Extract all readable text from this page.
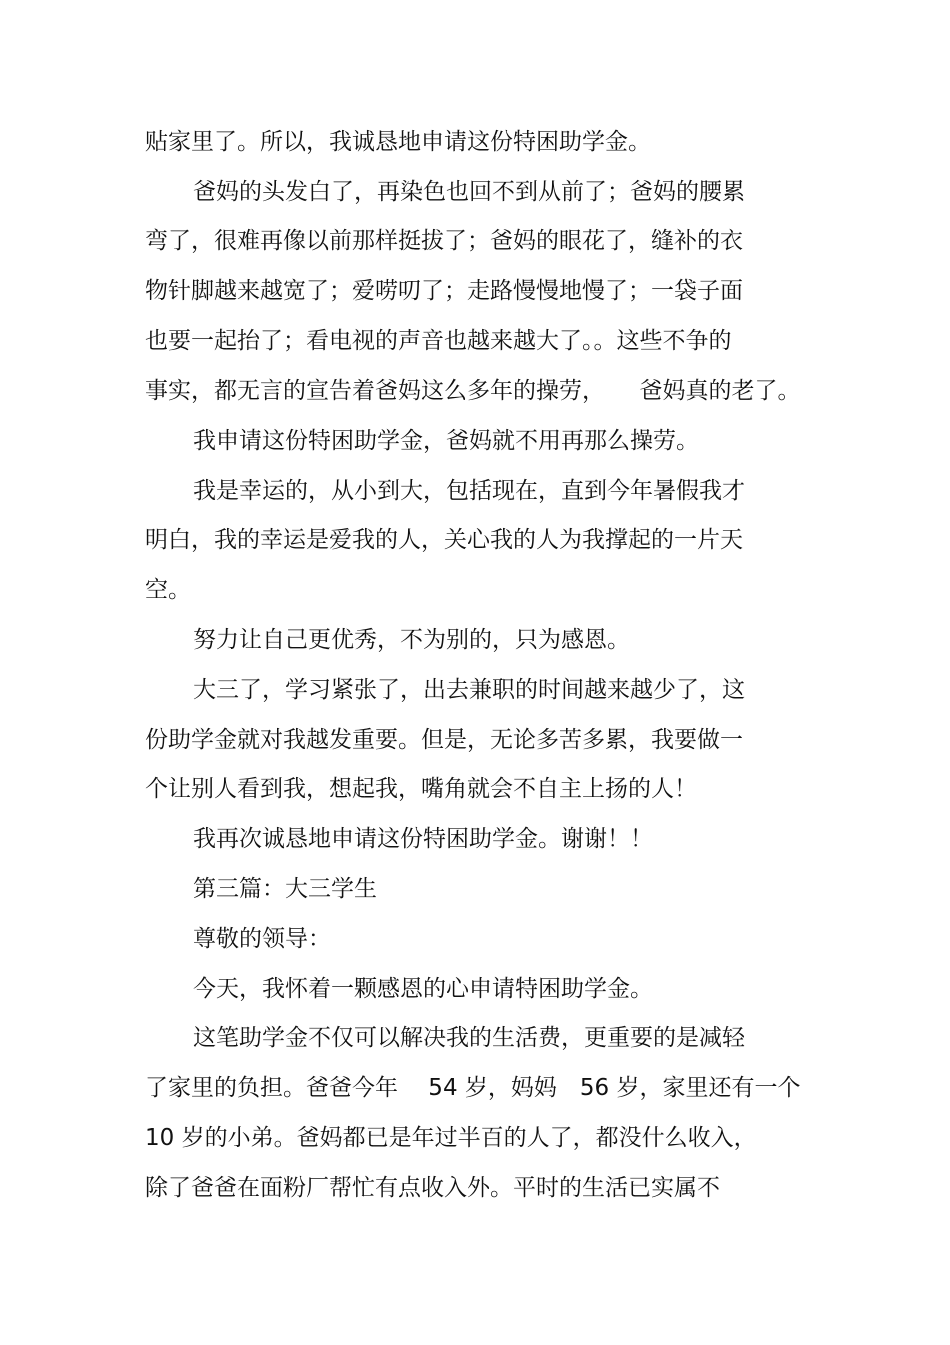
贴家里了。所以，我诚恳地申请这份特困助学金。
爸妈的头发白了，再染色也回不到从前了；爸妈的腰累
弯了，很难再像以前那样挺拔了；爸妈的眼花了，缝补的衣
物针脚越来越宽了；爱唠叨了；走路慢慢地慢了；一袋子面
也要一起抬了；看电视的声音也越来越大了。。这些不争的
事实，都无言的宣告着爸妈这么多年的操劳，　　爸妈真的老了。
我申请这份特困助学金，爸妈就不用再那么操劳。
我是幸运的，从小到大，包括现在，直到今年暑假我才
明白，我的幸运是爱我的人，关心我的人为我撑起的一片天
空。
努力让自己更优秀，不为别的，只为感恩。
大三了，学习紧张了，出去兼职的时间越来越少了，这
份助学金就对我越发重要。但是，无论多苦多累，我要做一
个让别人看到我，想起我，嘴角就会不自主上扬的人！
我再次诚恳地申请这份特困助学金。谢谢！！
第三篇：大三学生
尊敬的领导：
今天，我怀着一颗感恩的心申请特困助学金。
这笔助学金不仅可以解决我的生活费，更重要的是减轻
了家里的负担。爸爸今年　 54 岁，妈妈　56 岁，家里还有一个
10 岁的小弟。爸妈都已是年过半百的人了，都没什么收入，
除了爸爸在面粉厂帮忙有点收入外。平时的生活已实属不
